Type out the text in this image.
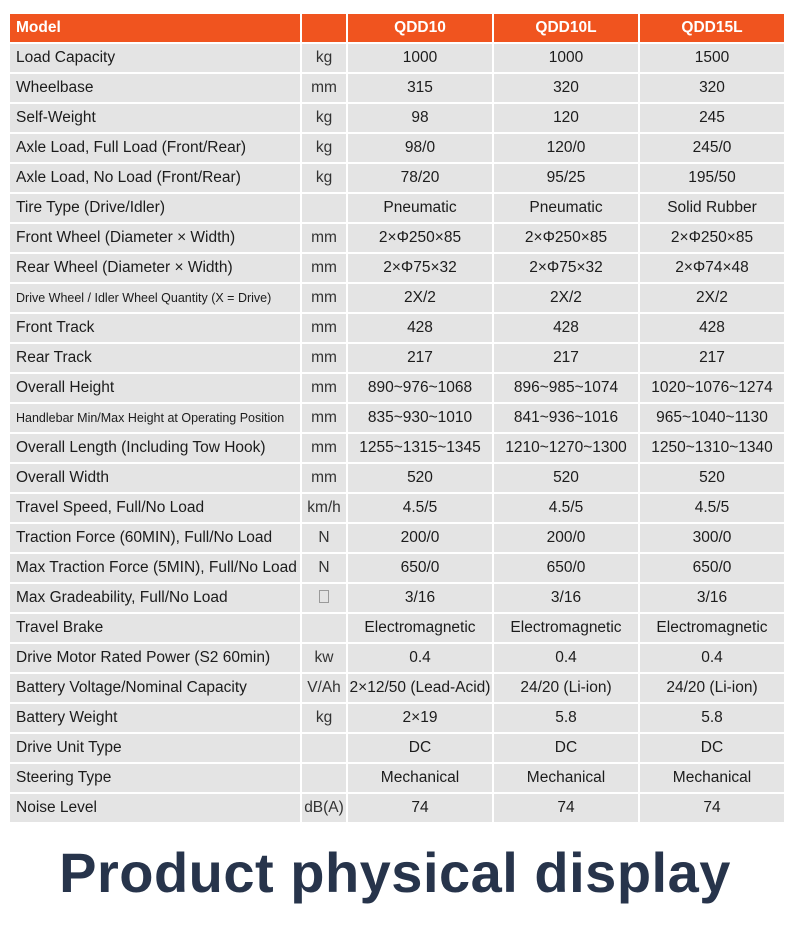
Model		QDD10	QDD10L	QDD15L
Load Capacity	kg	1000	1000	1500
Wheelbase	mm	315	320	320
Self-Weight	kg	98	120	245
Axle Load, Full Load (Front/Rear)	kg	98/0	120/0	245/0
Axle Load, No Load (Front/Rear)	kg	78/20	95/25	195/50
Tire Type (Drive/Idler)		Pneumatic	Pneumatic	Solid Rubber
Front Wheel (Diameter × Width)	mm	2×Φ250×85	2×Φ250×85	2×Φ250×85
Rear Wheel (Diameter × Width)	mm	2×Φ75×32	2×Φ75×32	2×Φ74×48
Drive Wheel / Idler Wheel Quantity (X = Drive)	mm	2X/2	2X/2	2X/2
Front Track	mm	428	428	428
Rear Track	mm	217	217	217
Overall Height	mm	890~976~1068	896~985~1074	1020~1076~1274
Handlebar Min/Max Height at Operating Position	mm	835~930~1010	841~936~1016	965~1040~1130
Overall Length (Including Tow Hook)	mm	1255~1315~1345	1210~1270~1300	1250~1310~1340
Overall Width	mm	520	520	520
Travel Speed, Full/No Load	km/h	4.5/5	4.5/5	4.5/5
Traction Force (60MIN), Full/No Load	N	200/0	200/0	300/0
Max Traction Force (5MIN), Full/No Load	N	650/0	650/0	650/0
Max Gradeability, Full/No Load		3/16	3/16	3/16
Travel Brake		Electromagnetic	Electromagnetic	Electromagnetic
Drive Motor Rated Power (S2 60min)	kw	0.4	0.4	0.4
Battery Voltage/Nominal Capacity	V/Ah	2×12/50 (Lead-Acid)	24/20 (Li-ion)	24/20 (Li-ion)
Battery Weight	kg	2×19	5.8	5.8
Drive Unit Type		DC	DC	DC
Steering Type		Mechanical	Mechanical	Mechanical
Noise Level	dB(A)	74	74	74
Product physical display
